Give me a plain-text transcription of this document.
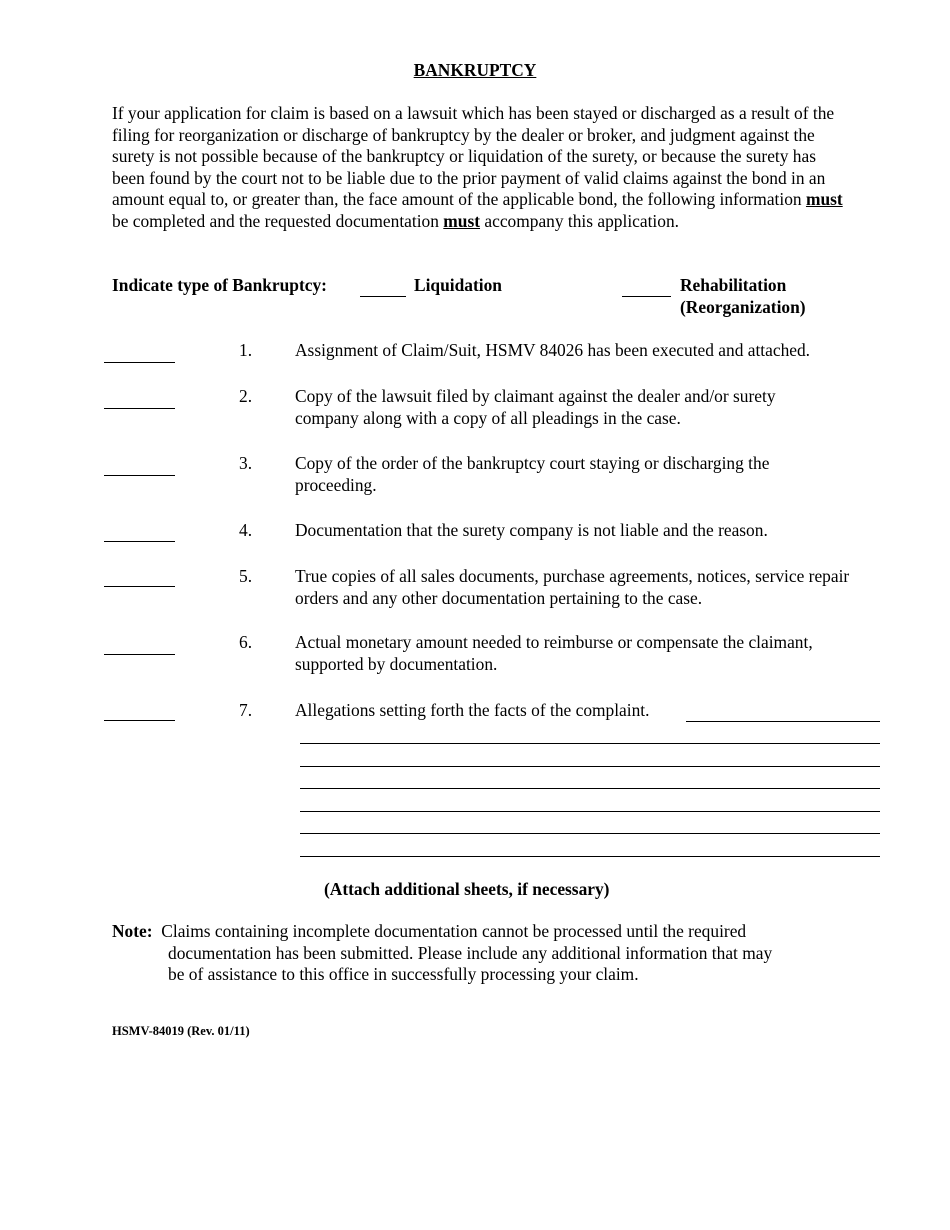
BANKRUPTCY
If your application for claim is based on a lawsuit which has been stayed or discharged as a result of the filing for reorganization or discharge of bankruptcy by the dealer or broker, and judgment against the surety is not possible because of the bankruptcy or liquidation of the surety, or because the surety has been found by the court not to be liable due to the prior payment of valid claims against the bond in an amount equal to, or greater than, the face amount of the applicable bond, the following information must be completed and the requested documentation must accompany this application.
Indicate type of Bankruptcy:	Liquidation	Rehabilitation
(Reorganization)
1. Assignment of Claim/Suit, HSMV 84026 has been executed and attached.
2. Copy of the lawsuit filed by claimant against the dealer and/or surety company along with a copy of all pleadings in the case.
3. Copy of the order of the bankruptcy court staying or discharging the proceeding.
4. Documentation that the surety company is not liable and the reason.
5. True copies of all sales documents, purchase agreements, notices, service repair orders and any other documentation pertaining to the case.
6. Actual monetary amount needed to reimburse or compensate the claimant, supported by documentation.
7. Allegations setting forth the facts of the complaint.
(Attach additional sheets, if necessary)
Note: Claims containing incomplete documentation cannot be processed until the required
documentation has been submitted. Please include any additional information that may
be of assistance to this office in successfully processing your claim.
HSMV-84019 (Rev. 01/11)
